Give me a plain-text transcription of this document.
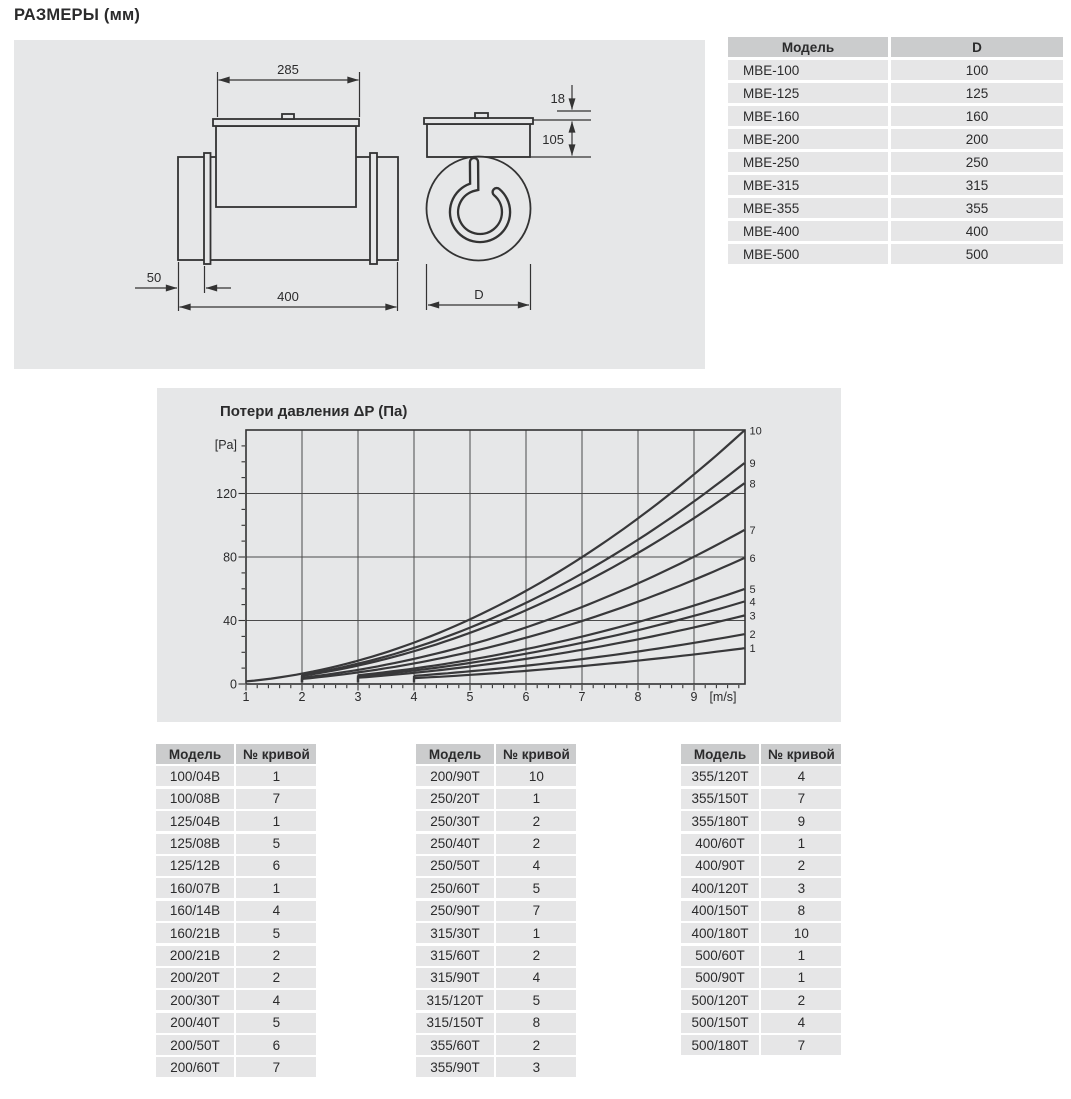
РАЗМЕРЫ (мм)
285
50
400
18
105
D
Модель	D
МВЕ-100	100
МВЕ-125	125
МВЕ-160	160
МВЕ-200	200
МВЕ-250	250
МВЕ-315	315
МВЕ-355	355
МВЕ-400	400
МВЕ-500	500
Потери давления ΔP (Па)
[Pa]
0
40
80
120
1	2	3	4	5	6	7	8	9 [m/s]
1
2
3
4
5
6
7
8
9
10
Модель	№ кривой
100/04В	1
100/08В	7
125/04В	1
125/08В	5
125/12В	6
160/07В	1
160/14В	4
160/21В	5
200/21В	2
200/20Т	2
200/30Т	4
200/40Т	5
200/50Т	6
200/60Т	7
Модель	№ кривой
200/90Т	10
250/20Т	1
250/30Т	2
250/40Т	2
250/50Т	4
250/60Т	5
250/90Т	7
315/30Т	1
315/60Т	2
315/90Т	4
315/120Т	5
315/150Т	8
355/60Т	2
355/90Т	3
Модель	№ кривой
355/120Т	4
355/150Т	7
355/180Т	9
400/60Т	1
400/90Т	2
400/120Т	3
400/150Т	8
400/180Т	10
500/60Т	1
500/90Т	1
500/120Т	2
500/150Т	4
500/180Т	7
